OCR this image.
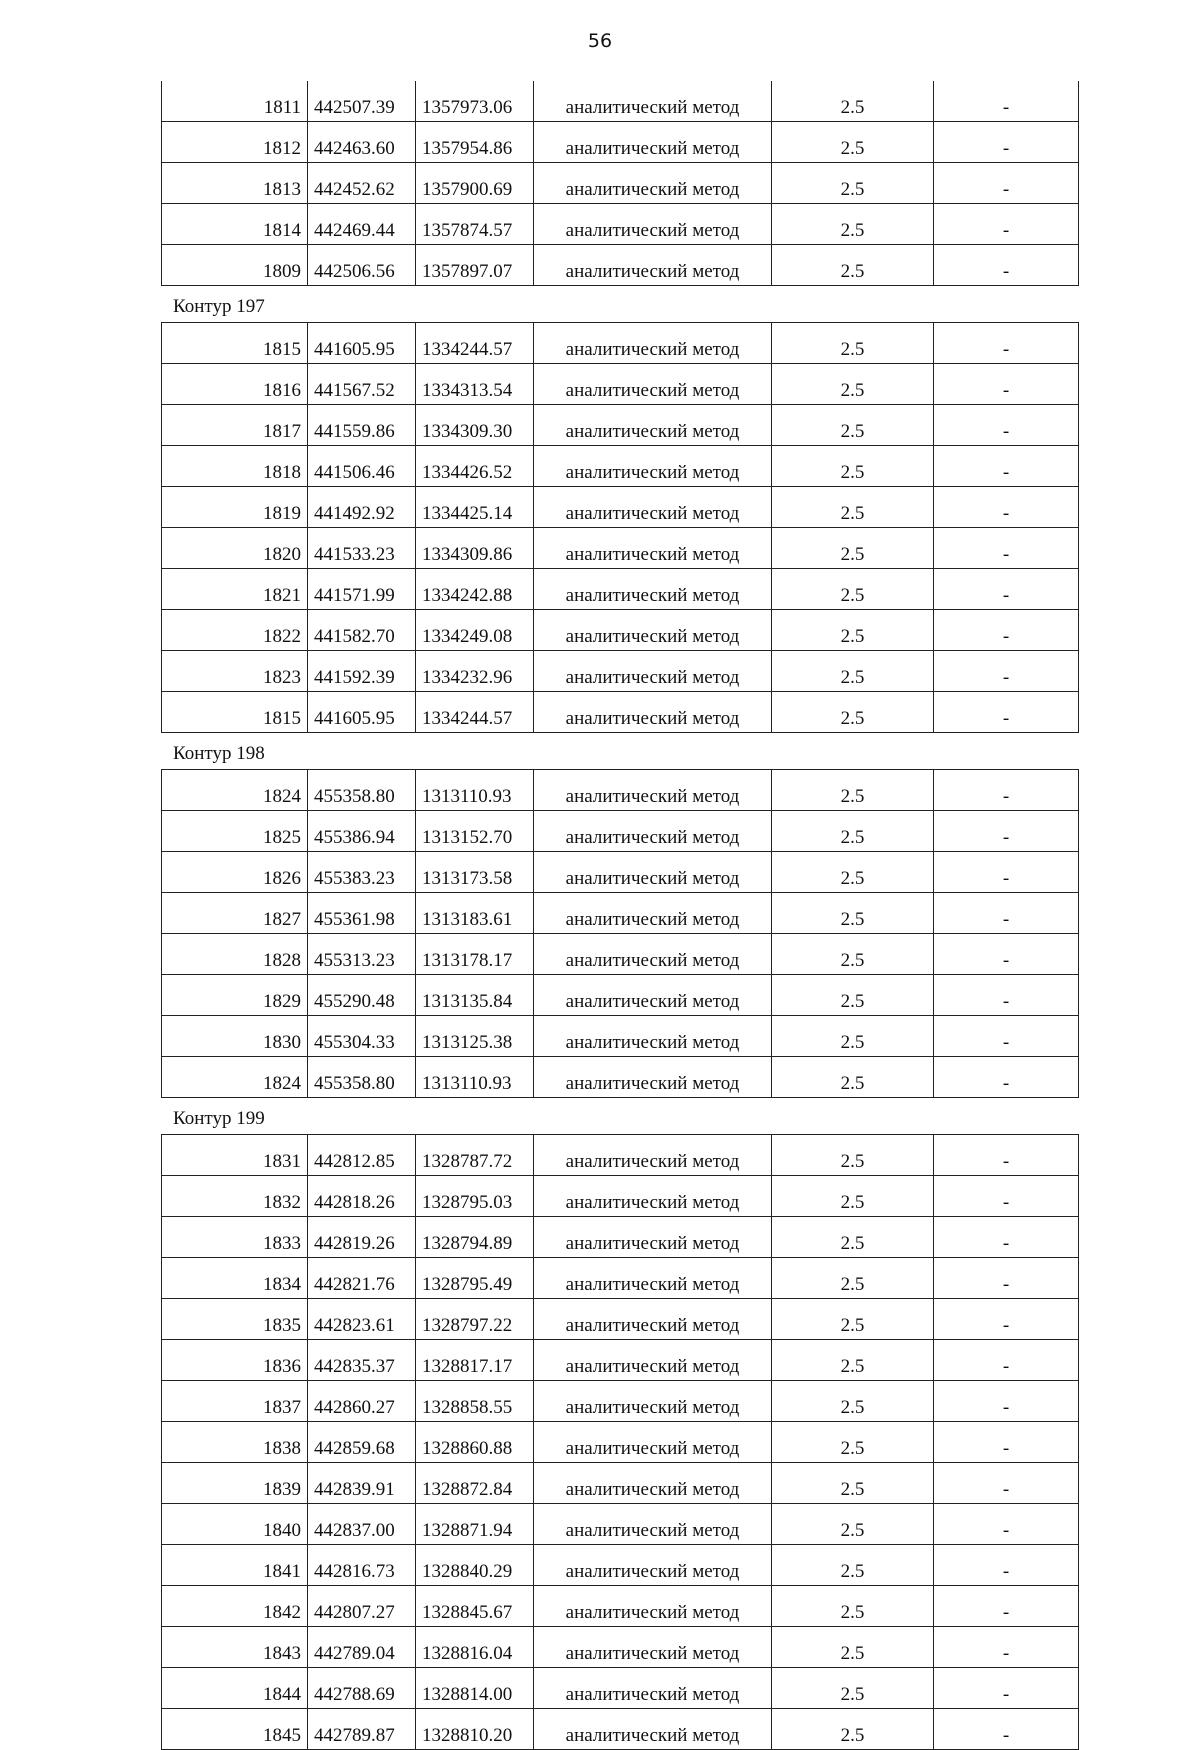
56
1811	442507.39	1357973.06	аналитический метод	2.5	-
1812	442463.60	1357954.86	аналитический метод	2.5	-
1813	442452.62	1357900.69	аналитический метод	2.5	-
1814	442469.44	1357874.57	аналитический метод	2.5	-
1809	442506.56	1357897.07	аналитический метод	2.5	-
Контур 197
1815	441605.95	1334244.57	аналитический метод	2.5	-
1816	441567.52	1334313.54	аналитический метод	2.5	-
1817	441559.86	1334309.30	аналитический метод	2.5	-
1818	441506.46	1334426.52	аналитический метод	2.5	-
1819	441492.92	1334425.14	аналитический метод	2.5	-
1820	441533.23	1334309.86	аналитический метод	2.5	-
1821	441571.99	1334242.88	аналитический метод	2.5	-
1822	441582.70	1334249.08	аналитический метод	2.5	-
1823	441592.39	1334232.96	аналитический метод	2.5	-
1815	441605.95	1334244.57	аналитический метод	2.5	-
Контур 198
1824	455358.80	1313110.93	аналитический метод	2.5	-
1825	455386.94	1313152.70	аналитический метод	2.5	-
1826	455383.23	1313173.58	аналитический метод	2.5	-
1827	455361.98	1313183.61	аналитический метод	2.5	-
1828	455313.23	1313178.17	аналитический метод	2.5	-
1829	455290.48	1313135.84	аналитический метод	2.5	-
1830	455304.33	1313125.38	аналитический метод	2.5	-
1824	455358.80	1313110.93	аналитический метод	2.5	-
Контур 199
1831	442812.85	1328787.72	аналитический метод	2.5	-
1832	442818.26	1328795.03	аналитический метод	2.5	-
1833	442819.26	1328794.89	аналитический метод	2.5	-
1834	442821.76	1328795.49	аналитический метод	2.5	-
1835	442823.61	1328797.22	аналитический метод	2.5	-
1836	442835.37	1328817.17	аналитический метод	2.5	-
1837	442860.27	1328858.55	аналитический метод	2.5	-
1838	442859.68	1328860.88	аналитический метод	2.5	-
1839	442839.91	1328872.84	аналитический метод	2.5	-
1840	442837.00	1328871.94	аналитический метод	2.5	-
1841	442816.73	1328840.29	аналитический метод	2.5	-
1842	442807.27	1328845.67	аналитический метод	2.5	-
1843	442789.04	1328816.04	аналитический метод	2.5	-
1844	442788.69	1328814.00	аналитический метод	2.5	-
1845	442789.87	1328810.20	аналитический метод	2.5	-
